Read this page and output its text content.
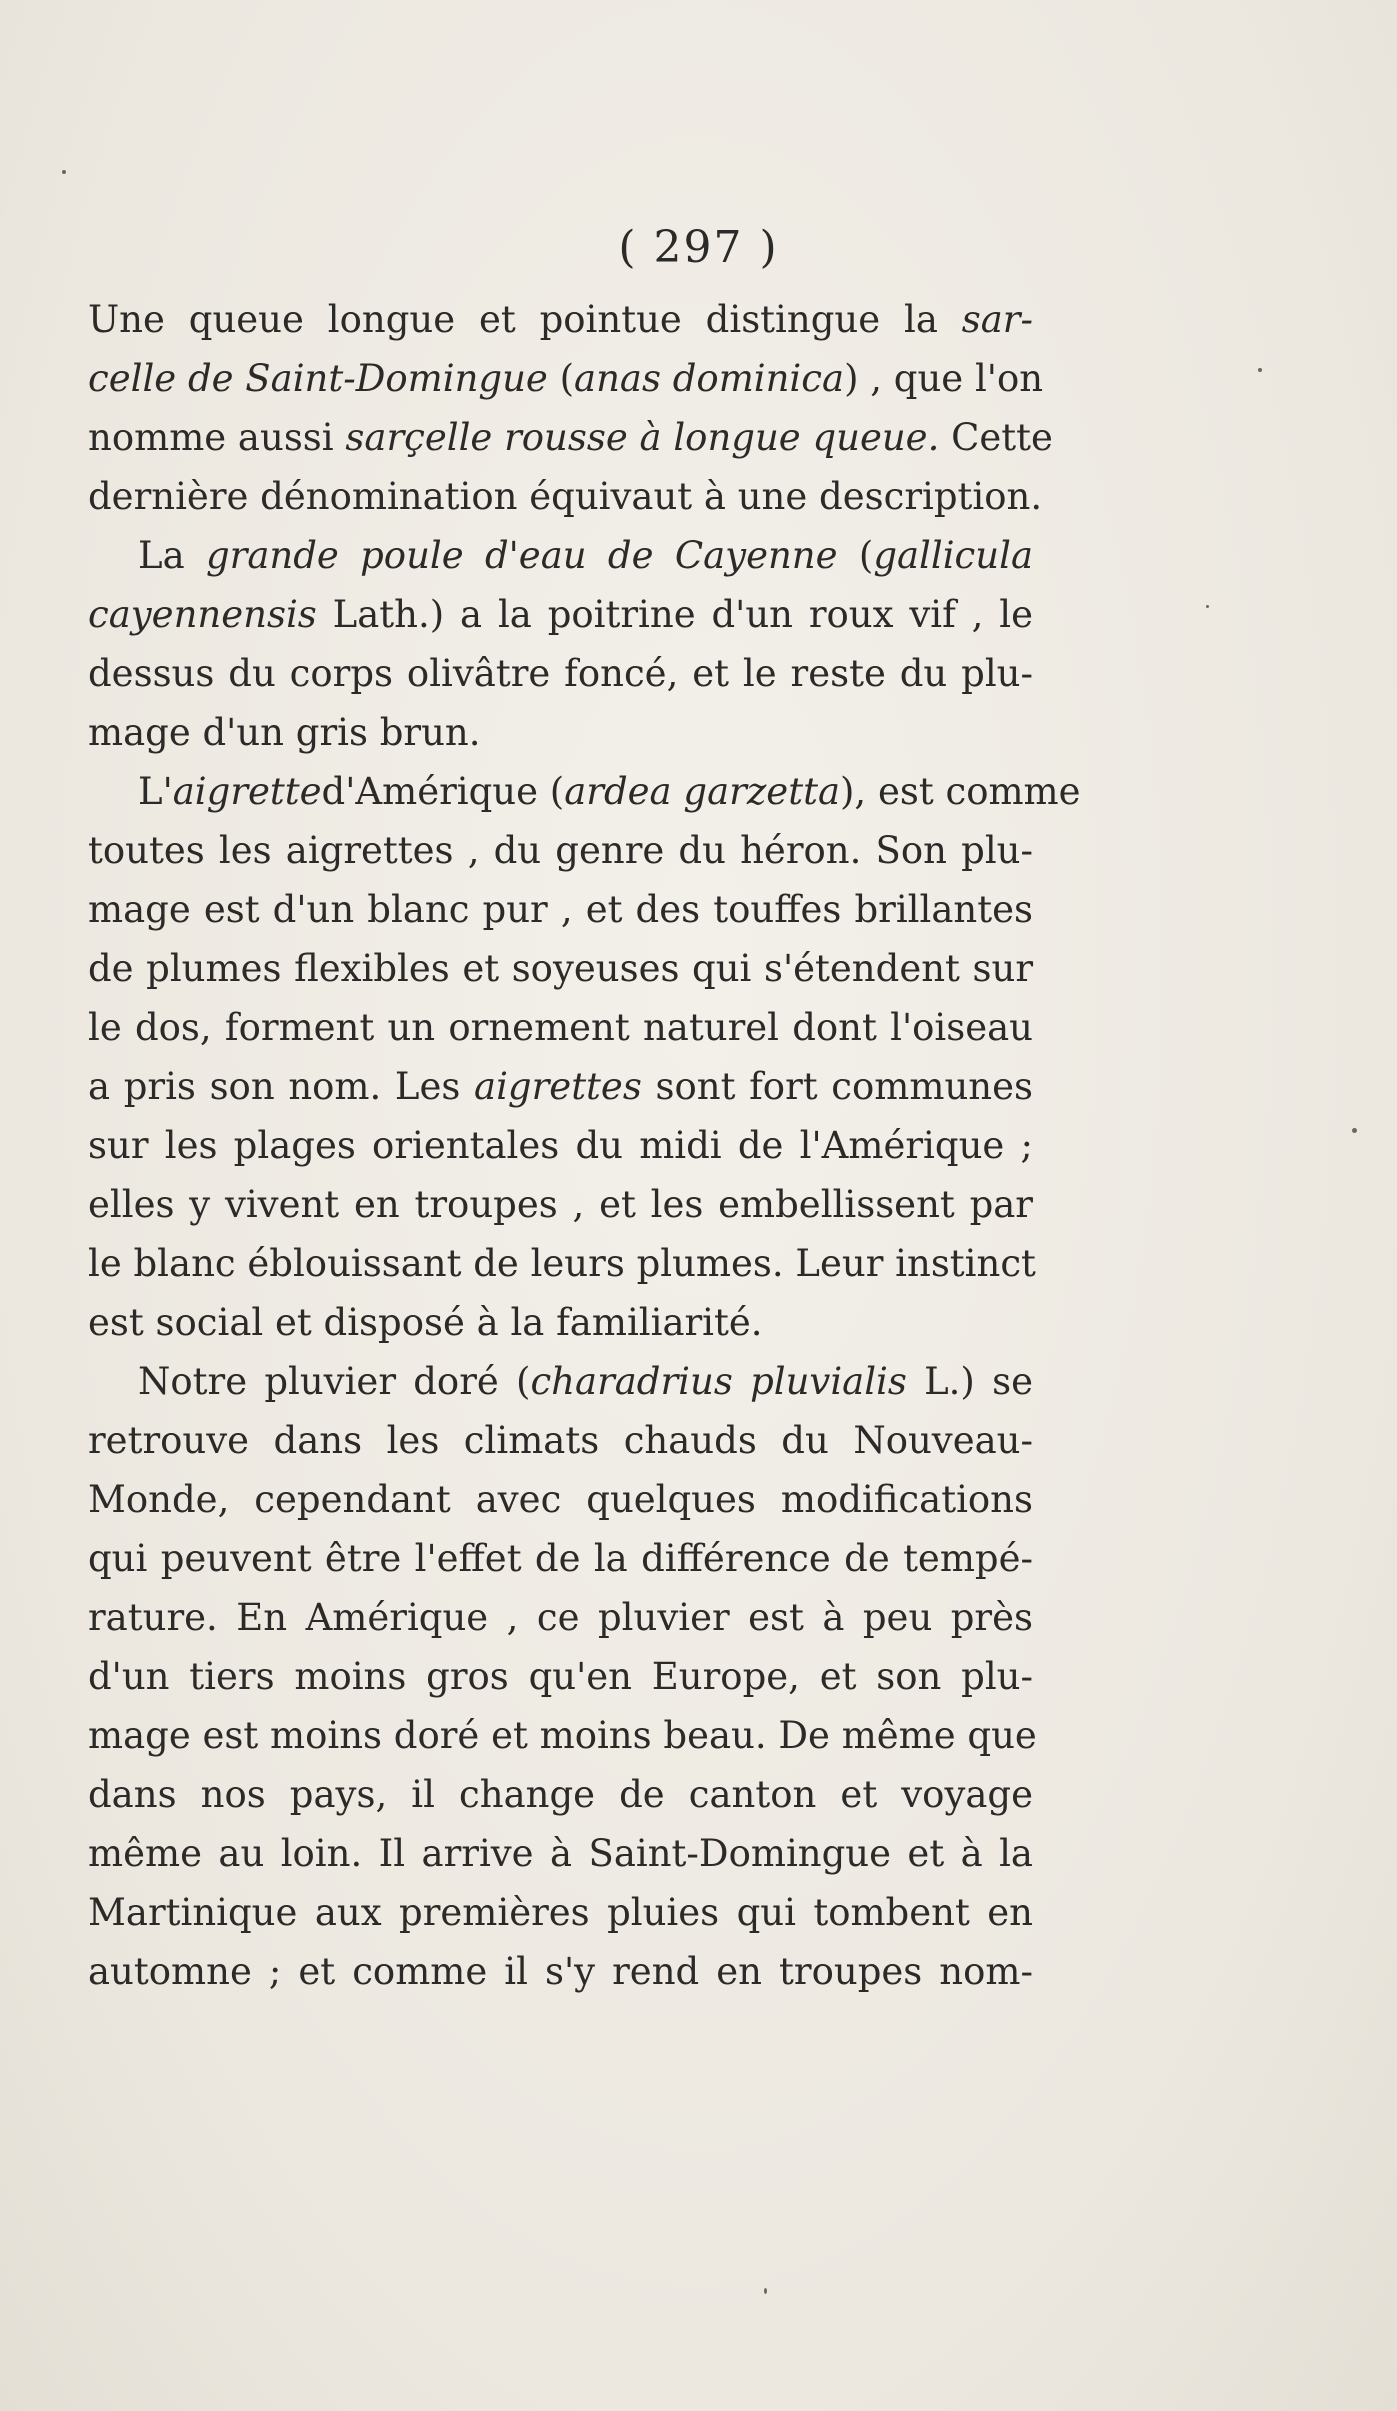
( 297 )
Une queue longue et pointue distingue la sar-
celle de Saint-Domingue (anas dominica) , que l'on
nomme aussi sarçelle rousse à longue queue. Cette
dernière dénomination équivaut à une description.
La grande poule d'eau de Cayenne (gallicula
cayennensis Lath.) a la poitrine d'un roux vif , le
dessus du corps olivâtre foncé, et le reste du plu-
mage d'un gris brun.
L'aigretted'Amérique (ardea garzetta), est comme
toutes les aigrettes , du genre du héron. Son plu-
mage est d'un blanc pur , et des touffes brillantes
de plumes flexibles et soyeuses qui s'étendent sur
le dos, forment un ornement naturel dont l'oiseau
a pris son nom. Les aigrettes sont fort communes
sur les plages orientales du midi de l'Amérique ;
elles y vivent en troupes , et les embellissent par
le blanc éblouissant de leurs plumes. Leur instinct
est social et disposé à la familiarité.
Notre pluvier doré (charadrius pluvialis L.) se
retrouve dans les climats chauds du Nouveau-
Monde, cependant avec quelques modifications
qui peuvent être l'effet de la différence de tempé-
rature. En Amérique , ce pluvier est à peu près
d'un tiers moins gros qu'en Europe, et son plu-
mage est moins doré et moins beau. De même que
dans nos pays, il change de canton et voyage
même au loin. Il arrive à Saint-Domingue et à la
Martinique aux premières pluies qui tombent en
automne ; et comme il s'y rend en troupes nom-
